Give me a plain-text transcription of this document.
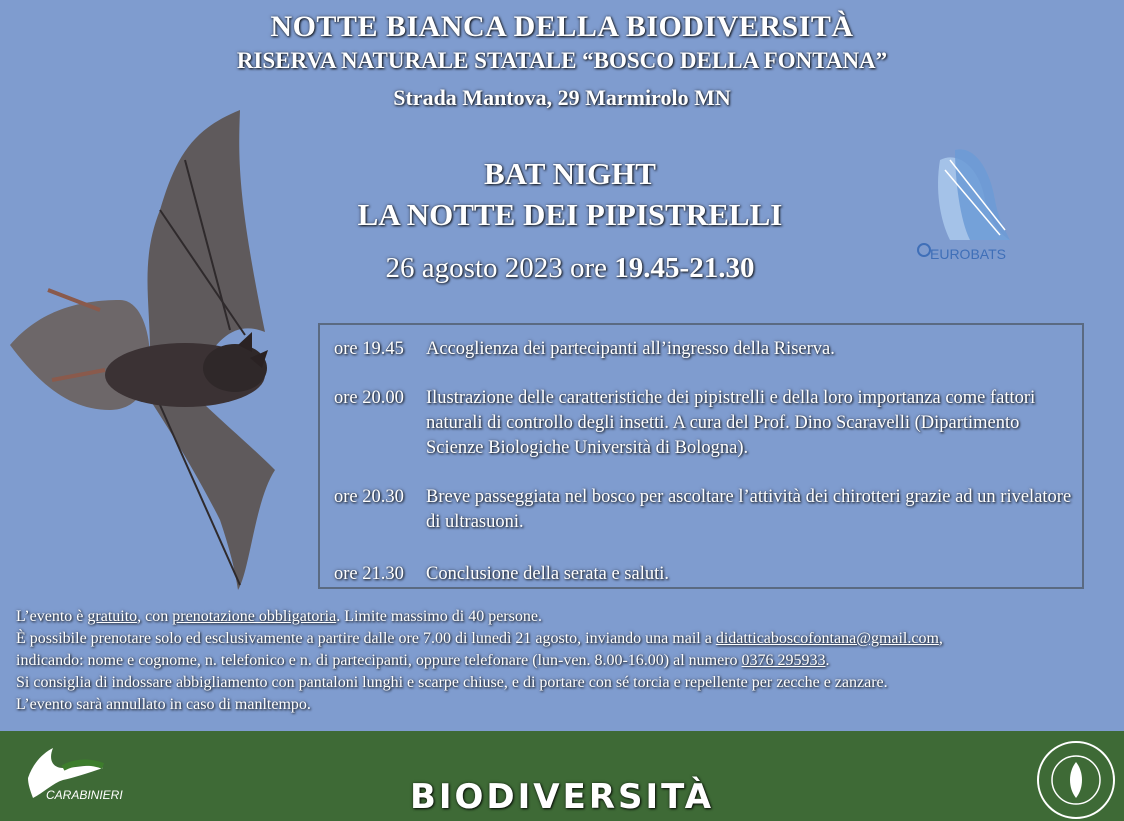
NOTTE BIANCA DELLA BIODIVERSITÀ
RISERVA NATURALE STATALE “BOSCO DELLA FONTANA”
Strada Mantova, 29 Marmirolo MN
EUROBATS
BAT NIGHT
LA NOTTE DEI PIPISTRELLI
26 agosto 2023 ore 19.45-21.30
ore 19.45	Accoglienza dei partecipanti all’ingresso della Riserva.
ore 20.00	Ilustrazione delle caratteristiche dei pipistrelli e della loro importanza come fattori naturali di controllo degli insetti. A cura del Prof. Dino Scaravelli (Dipartimento Scienze Biologiche Università di Bologna).
ore 20.30	Breve passeggiata nel bosco per ascoltare l’attività dei chirotteri grazie ad un rivelatore di ultrasuoni.
ore 21.30	Conclusione della serata e saluti.
L’evento è gratuito, con prenotazione obbligatoria. Limite massimo di 40 persone.
È possibile prenotare solo ed esclusivamente a partire dalle ore 7.00 di lunedì 21 agosto, inviando una mail a didatticaboscofontana@gmail.com,
indicando: nome e cognome, n. telefonico e n. di partecipanti, oppure telefonare (lun-ven. 8.00-16.00) al numero 0376 295933.
Si consiglia di indossare abbigliamento con pantaloni lunghi e scarpe chiuse, e di portare con sé torcia e repellente per zecche e zanzare.
L’evento sarà annullato in caso di manltempo.
CARABINIERI	BIODIVERSITÀ
